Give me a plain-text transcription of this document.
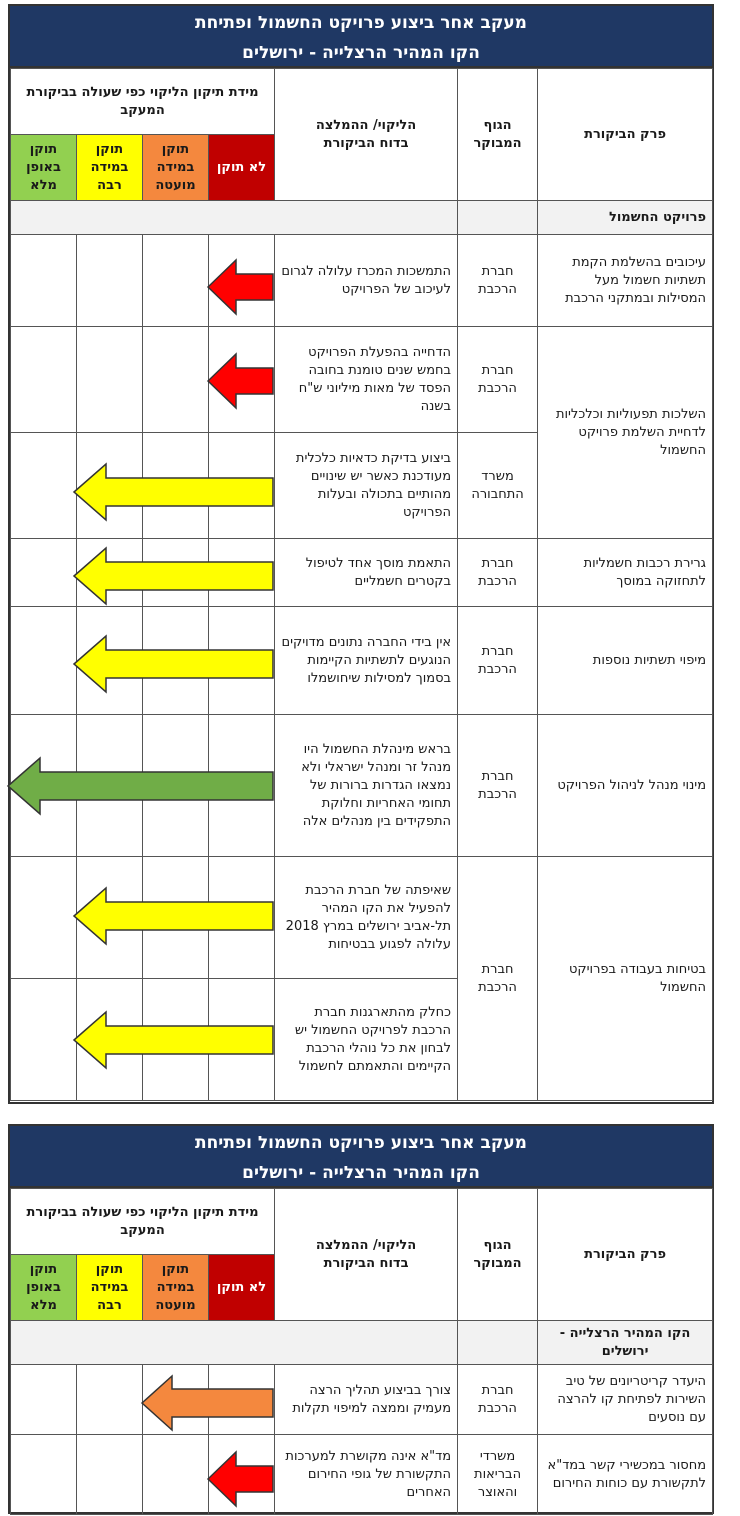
מעקב אחר ביצוע פרויקט החשמול ופתיחת
הקו המהיר הרצלייה - ירושלים
מידת תיקון הליקוי כפי שעולה בביקורת המעקב				הליקוי/ ההמלצה בדוח הביקורת	הגוף המבוקר	פרק הביקורת
תוקן באופן מלא	תוקן במידה רבה	תוקן במידה מועטה	לא תוקן			
						פרויקט החשמול
				התמשכות המכרז עלולה לגרום לעיכוב של הפרויקט	חברת הרכבת	עיכובים בהשלמת הקמת תשתיות חשמול מעל המסילות ובמתקני הרכבת
				הדחייה בהפעלת הפרויקט בחמש שנים טומנת בחובה הפסד של מאות מיליוני ש"ח בשנה	חברת הרכבת	השלכות תפעוליות וכלכליות לדחיית השלמת פרויקט החשמול
				ביצוע בדיקת כדאיות כלכלית מעודכנת כאשר יש שינויים מהותיים בתכולה ובעלות הפרויקט	משרד התחבורה	
				התאמת מוסך אחד לטיפול בקטרים חשמליים	חברת הרכבת	גרירת רכבות חשמליות לתחזוקה במוסך
				אין בידי החברה נתונים מדויקים הנוגעים לתשתיות הקיימות בסמוך למסילות שיחושמלו	חברת הרכבת	מיפוי תשתיות נוספות
				בראש מינהלת החשמול היו מנהל זר ומנהל ישראלי ולא נמצאו הגדרות ברורות של תחומי האחריות וחלוקת התפקידים בין מנהלים אלה	חברת הרכבת	מינוי מנהל לניהול הפרויקט
				שאיפתה של חברת הרכבת להפעיל את הקו המהיר תל-אביב ירושלים במרץ 2018 עלולה לפגוע בבטיחות	חברת הרכבת	בטיחות בעבודה בפרויקט החשמול
				כחלק מהתארגנות חברת הרכבת לפרויקט החשמול יש לבחון את כל נוהלי הרכבת הקיימים והתאמתם לחשמול		
מעקב אחר ביצוע פרויקט החשמול ופתיחת
הקו המהיר הרצלייה - ירושלים
מידת תיקון הליקוי כפי שעולה בביקורת המעקב				הליקוי/ ההמלצה בדוח הביקורת	הגוף המבוקר	פרק הביקורת
תוקן באופן מלא	תוקן במידה רבה	תוקן במידה מועטה	לא תוקן			
						הקו המהיר הרצלייה - ירושלים
				צורך בביצוע תהליך הרצה מעמיק וממצה למיפוי תקלות	חברת הרכבת	היעדר קריטריונים של טיב השירות לפתיחת קו להרצה עם נוסעים
				מד"א אינה מקושרת למערכות התקשורת של גופי החירום האחרים	משרדי הבריאות והאוצר	מחסור במכשירי קשר במד"א לתקשורת עם כוחות החירום
